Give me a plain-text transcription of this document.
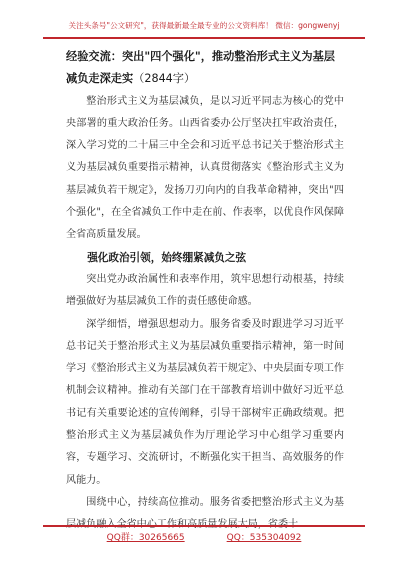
关注头条号"公文研究"，获得最新最全最专业的公文资料库！ 微信：gongwenyj

经验交流：突出"四个强化"，推动整治形式主义为基层减负走深走实（2844字）

整治形式主义为基层减负，是以习近平同志为核心的党中央部署的重大政治任务。山西省委办公厅坚决扛牢政治责任，深入学习党的二十届三中全会和习近平总书记关于整治形式主义为基层减负重要指示精神，认真贯彻落实《整治形式主义为基层减负若干规定》，发扬刀刃向内的自我革命精神，突出"四个强化"，在全省减负工作中走在前、作表率，以优良作风保障全省高质量发展。

强化政治引领，始终绷紧减负之弦

突出党办政治属性和表率作用，筑牢思想行动根基，持续增强做好为基层减负工作的责任感使命感。

深学细悟，增强思想动力。服务省委及时跟进学习习近平总书记关于整治形式主义为基层减负重要指示精神，第一时间学习《整治形式主义为基层减负若干规定》、中央层面专项工作机制会议精神。推动有关部门在干部教育培训中做好习近平总书记有关重要论述的宣传阐释，引导干部树牢正确政绩观。把整治形式主义为基层减负作为厅理论学习中心组学习重要内容，专题学习、交流研讨，不断强化实干担当、高效服务的作风能力。

围绕中心，持续高位推动。服务省委把整治形式主义为基

QQ群：30265665	QQ：535304092
